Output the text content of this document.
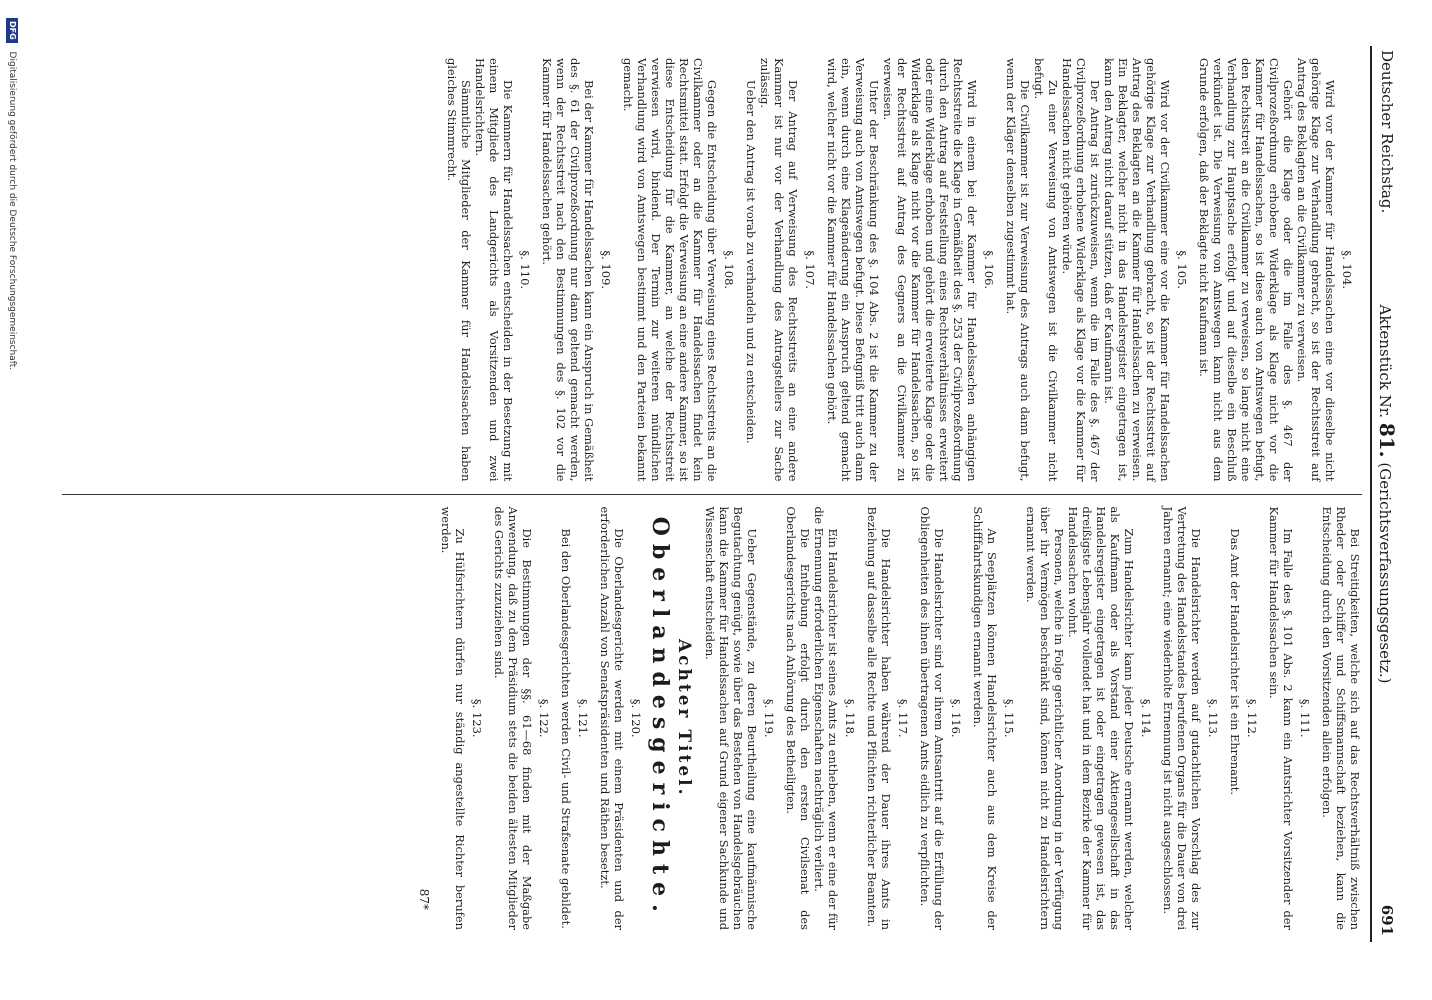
Deutscher Reichstag.
Aktenstück Nr. 81. (Gerichtsverfassungsgesetz.)
691
§. 104.

Wird vor der Kammer für Handelssachen eine vor dieselbe nicht gehörige Klage zur Verhandlung gebracht, so ist der Rechtsstreit auf Antrag des Beklagten an die Civilkammer zu verweisen.

Gehört die Klage oder die im Falle des §. 467 der Civilprozeßordnung erhobene Widerklage als Klage nicht vor die Kammer für Handelssachen, so ist diese auch von Amtswegen befugt, den Rechtsstreit an die Civilkammer zu verweisen, so lange nicht eine Verhandlung zur Hauptsache erfolgt und auf dieselbe ein Beschluß verkündet ist. Die Verweisung von Amtswegen kann nicht aus dem Grunde erfolgen, daß der Beklagte nicht Kaufmann ist.

§. 105.

Wird vor der Civilkammer eine vor die Kammer für Handelssachen gehörige Klage zur Verhandlung gebracht, so ist der Rechtsstreit auf Antrag des Beklagten an die Kammer für Handelssachen zu verweisen. Ein Beklagter, welcher nicht in das Handelsregister eingetragen ist, kann den Antrag nicht darauf stützen, daß er Kaufmann ist.

Der Antrag ist zurückzuweisen, wenn die im Falle des §. 467 der Civilprozeßordnung erhobene Widerklage als Klage vor die Kammer für Handelssachen nicht gehören würde.

Zu einer Verweisung von Amtswegen ist die Civilkammer nicht befugt.

Die Civilkammer ist zur Verweisung des Antrags auch dann befugt, wenn der Kläger denselben zugestimmt hat.

§. 106.

Wird in einem bei der Kammer für Handelssachen anhängigen Rechtsstreite die Klage in Gemäßheit des §. 253 der Civilprozeßordnung durch den Antrag auf Feststellung eines Rechtsverhältnisses erweitert oder eine Widerklage erhoben und gehört die erweiterte Klage oder die Widerklage als Klage nicht vor die Kammer für Handelssachen, so ist der Rechtsstreit auf Antrag des Gegners an die Civilkammer zu verweisen.

Unter der Beschränkung des §. 104 Abs. 2 ist die Kammer zu der Verweisung auch von Amtswegen befugt. Diese Befugniß tritt auch dann ein, wenn durch eine Klageänderung ein Anspruch geltend gemacht wird, welcher nicht vor die Kammer für Handelssachen gehört.

§. 107.

Der Antrag auf Verweisung des Rechtsstreits an eine andere Kammer ist nur vor der Verhandlung des Antragstellers zur Sache zulässig.

Ueber den Antrag ist vorab zu verhandeln und zu entscheiden.

§. 108.

Gegen die Entscheidung über Verweisung eines Rechtsstreits an die Civilkammer oder an die Kammer für Handelssachen findet kein Rechtsmittel statt. Erfolgt die Verweisung an eine andere Kammer, so ist diese Entscheidung für die Kammer, an welche der Rechtsstreit verwiesen wird, bindend. Der Termin zur weiteren mündlichen Verhandlung wird von Amtswegen bestimmt und den Parteien bekannt gemacht.

§. 109.

Bei der Kammer für Handelssachen kann ein Anspruch in Gemäßheit des §. 61 der Civilprozeßordnung nur dann geltend gemacht werden, wenn der Rechtsstreit nach den Bestimmungen des §. 102 vor die Kammer für Handelssachen gehört.

§. 110.

Die Kammern für Handelssachen entscheiden in der Besetzung mit einem Mitgliede des Landgerichts als Vorsitzenden und zwei Handelsrichtern.

Sämmtliche Mitglieder der Kammer für Handelssachen haben gleiches Stimmrecht.

Bei Streitigkeiten, welche sich auf das Rechtsverhältniß zwischen Rheder oder Schiffer und Schiffsmannschaft beziehen, kann die Entscheidung durch den Vorsitzenden allein erfolgen.

§. 111.

Im Falle des §. 101 Abs. 2 kann ein Amtsrichter Vorsitzender der Kammer für Handelssachen sein.

§. 112.

Das Amt der Handelsrichter ist ein Ehrenamt.

§. 113.

Die Handelsrichter werden auf gutachtlichen Vorschlag des zur Vertretung des Handelsstandes berufenen Organs für die Dauer von drei Jahren ernannt; eine wiederholte Ernennung ist nicht ausgeschlossen.

§. 114.

Zum Handelsrichter kann jeder Deutsche ernannt werden, welcher als Kaufmann oder als Vorstand einer Aktiengesellschaft in das Handelsregister eingetragen ist oder eingetragen gewesen ist, das dreißigste Lebensjahr vollendet hat und in dem Bezirke der Kammer für Handelssachen wohnt.

Personen, welche in Folge gerichtlicher Anordnung in der Verfügung über ihr Vermögen beschränkt sind, können nicht zu Handelsrichtern ernannt werden.

§. 115.

An Seeplätzen können Handelsrichter auch aus dem Kreise der Schifffahrtskundigen ernannt werden.

§. 116.

Die Handelsrichter sind vor ihrem Amtsantritt auf die Erfüllung der Obliegenheiten des ihnen übertragenen Amts eidlich zu verpflichten.

§. 117.

Die Handelsrichter haben während der Dauer ihres Amts in Beziehung auf dasselbe alle Rechte und Pflichten richterlicher Beamten.

§. 118.

Ein Handelsrichter ist seines Amts zu entheben, wenn er eine der für die Ernennung erforderlichen Eigenschaften nachträglich verliert.

Die Enthebung erfolgt durch den ersten Civilsenat des Oberlandesgerichts nach Anhörung des Betheiligten.

§. 119.

Ueber Gegenstände, zu deren Beurtheilung eine kaufmännische Begutachtung genügt, sowie über das Bestehen von Handelsgebräuchen kann die Kammer für Handelssachen auf Grund eigener Sachkunde und Wissenschaft entscheiden.

Achter Titel.
Oberlandesgerichte.
§. 120.

Die Oberlandesgerichte werden mit einem Präsidenten und der erforderlichen Anzahl von Senatspräsidenten und Räthen besetzt.

§. 121.

Bei den Oberlandesgerichten werden Civil- und Strafsenate gebildet.

§. 122.

Die Bestimmungen der §§. 61—68 finden mit der Maßgabe Anwendung, daß zu dem Präsidium stets die beiden ältesten Mitglieder des Gerichts zuzuziehen sind.

§. 123.

Zu Hülfsrichtern dürfen nur ständig angestellte Richter berufen werden.

87*
DFG Digitalisierung gefördert durch die Deutsche Forschungsgemeinschaft.
